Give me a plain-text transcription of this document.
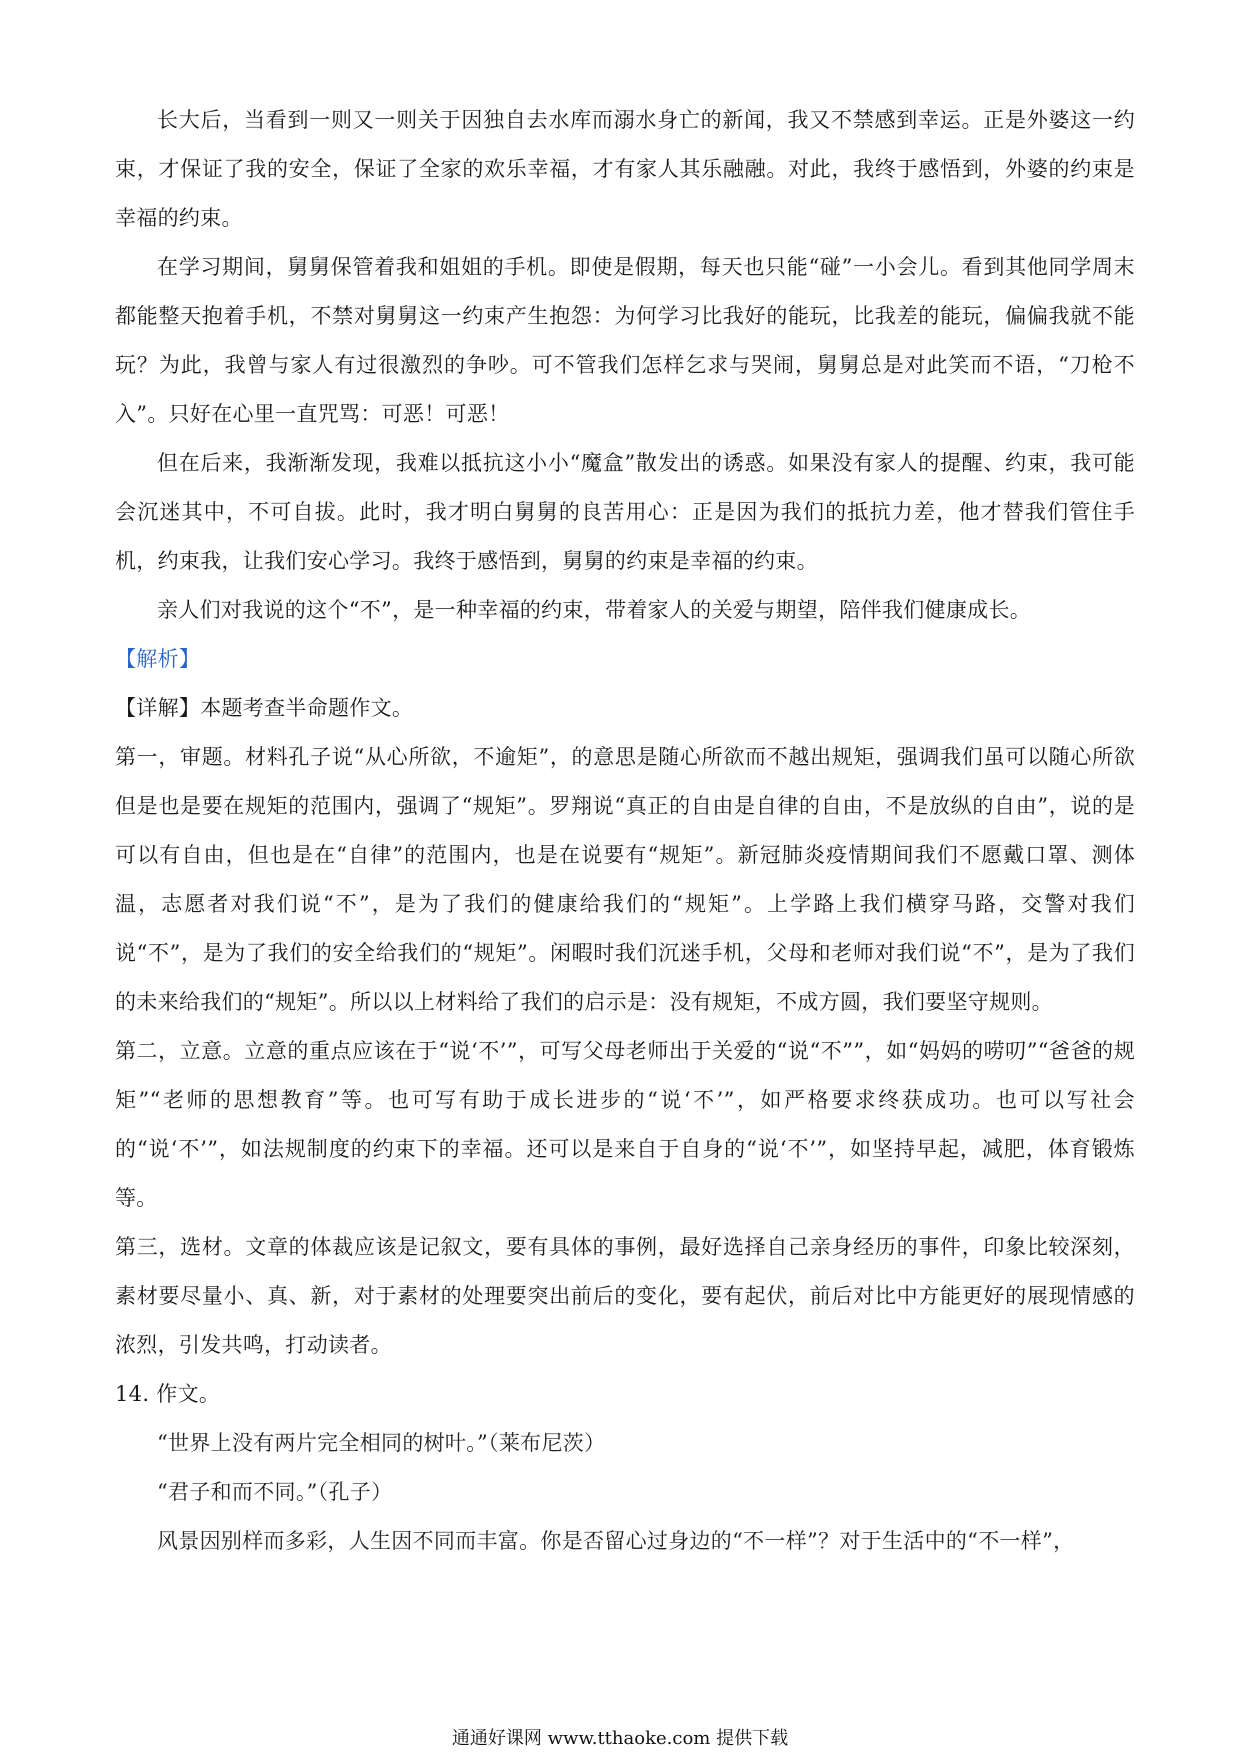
长大后，当看到一则又一则关于因独自去水库而溺水身亡的新闻，我又不禁感到幸运。正是外婆这一约束，才保证了我的安全，保证了全家的欢乐幸福，才有家人其乐融融。对此，我终于感悟到，外婆的约束是幸福的约束。

在学习期间，舅舅保管着我和姐姐的手机。即使是假期，每天也只能“碰”一小会儿。看到其他同学周末都能整天抱着手机，不禁对舅舅这一约束产生抱怨：为何学习比我好的能玩，比我差的能玩，偏偏我就不能玩？为此，我曾与家人有过很激烈的争吵。可不管我们怎样乞求与哭闹，舅舅总是对此笑而不语，“刀枪不入”。只好在心里一直咒骂：可恶！可恶！

但在后来，我渐渐发现，我难以抵抗这小小“魔盒”散发出的诱惑。如果没有家人的提醒、约束，我可能会沉迷其中，不可自拔。此时，我才明白舅舅的良苦用心：正是因为我们的抵抗力差，他才替我们管住手机，约束我，让我们安心学习。我终于感悟到，舅舅的约束是幸福的约束。

亲人们对我说的这个“不”，是一种幸福的约束，带着家人的关爱与期望，陪伴我们健康成长。

【解析】

【详解】本题考查半命题作文。

第一，审题。材料孔子说“从心所欲，不逾矩”，的意思是随心所欲而不越出规矩，强调我们虽可以随心所欲但是也是要在规矩的范围内，强调了“规矩”。罗翔说“真正的自由是自律的自由，不是放纵的自由”，说的是可以有自由，但也是在“自律”的范围内，也是在说要有“规矩”。新冠肺炎疫情期间我们不愿戴口罩、测体温，志愿者对我们说“不”，是为了我们的健康给我们的“规矩”。上学路上我们横穿马路，交警对我们说“不”，是为了我们的安全给我们的“规矩”。闲暇时我们沉迷手机，父母和老师对我们说“不”，是为了我们的未来给我们的“规矩”。所以以上材料给了我们的启示是：没有规矩，不成方圆，我们要坚守规则。

第二，立意。立意的重点应该在于“说‘不’”，可写父母老师出于关爱的“说“不””，如“妈妈的唠叨”“爸爸的规矩”“老师的思想教育”等。也可写有助于成长进步的“说‘不’”，如严格要求终获成功。也可以写社会的“说‘不’”，如法规制度的约束下的幸福。还可以是来自于自身的“说‘不’”，如坚持早起，减肥，体育锻炼等。

第三，选材。文章的体裁应该是记叙文，要有具体的事例，最好选择自己亲身经历的事件，印象比较深刻，素材要尽量小、真、新，对于素材的处理要突出前后的变化，要有起伏，前后对比中方能更好的展现情感的浓烈，引发共鸣，打动读者。

14. 作文。

“世界上没有两片完全相同的树叶。”（莱布尼茨）

“君子和而不同。”（孔子）

风景因别样而多彩，人生因不同而丰富。你是否留心过身边的“不一样”？对于生活中的“不一样”，

通通好课网 www.tthaoke.com 提供下载
